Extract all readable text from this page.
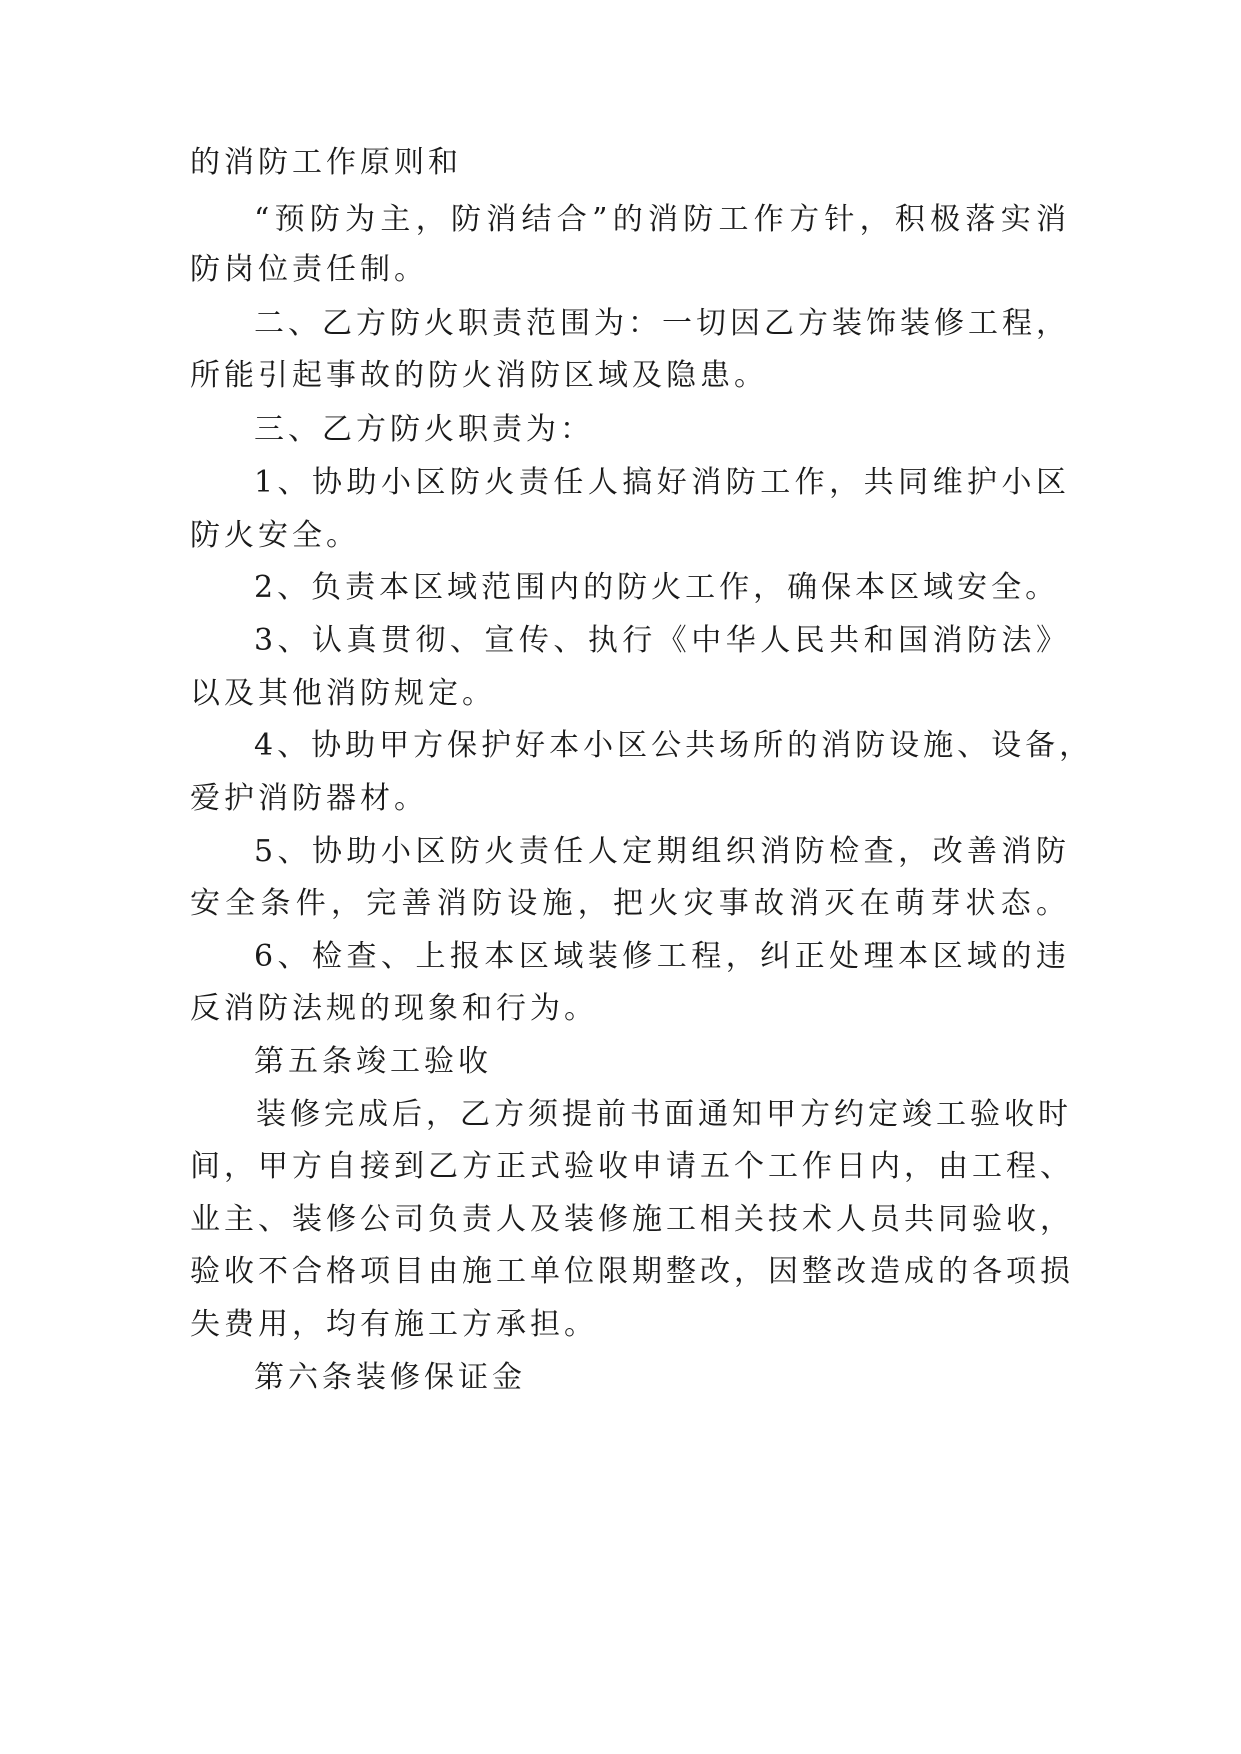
的消防工作原则和
“预防为主，防消结合”的消防工作方针，积极落实消
防岗位责任制。
二、乙方防火职责范围为：一切因乙方装饰装修工程，
所能引起事故的防火消防区域及隐患。
三、乙方防火职责为：
1、协助小区防火责任人搞好消防工作，共同维护小区
防火安全。
2、负责本区域范围内的防火工作，确保本区域安全。
3、认真贯彻、宣传、执行《中华人民共和国消防法》
以及其他消防规定。
4、协助甲方保护好本小区公共场所的消防设施、设备，
爱护消防器材。
5、协助小区防火责任人定期组织消防检查，改善消防
安全条件，完善消防设施，把火灾事故消灭在萌芽状态。
6、检查、上报本区域装修工程，纠正处理本区域的违
反消防法规的现象和行为。
第五条竣工验收
装修完成后，乙方须提前书面通知甲方约定竣工验收时
间，甲方自接到乙方正式验收申请五个工作日内，由工程、
业主、装修公司负责人及装修施工相关技术人员共同验收，
验收不合格项目由施工单位限期整改，因整改造成的各项损
失费用，均有施工方承担。
第六条装修保证金
